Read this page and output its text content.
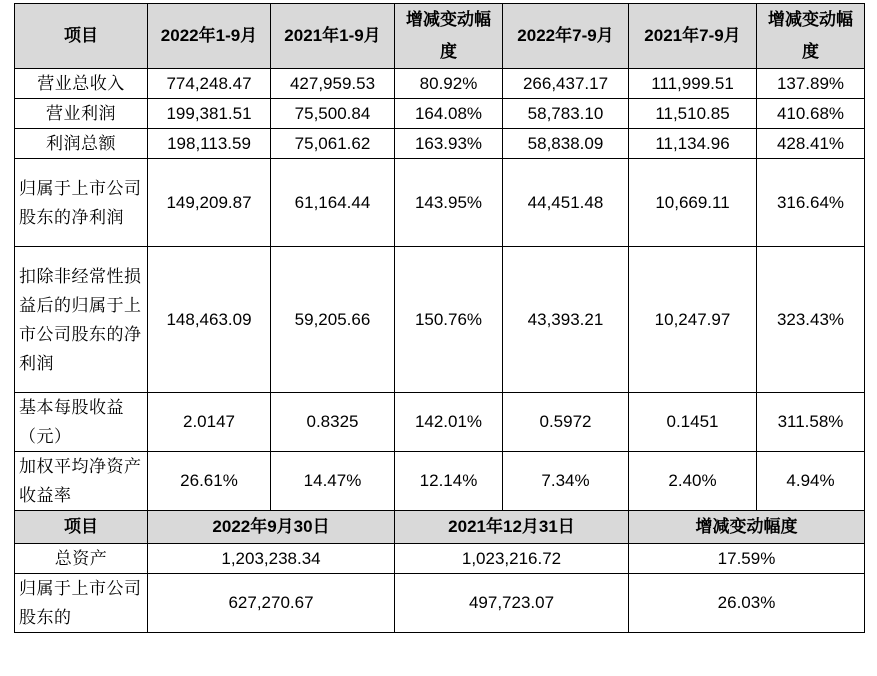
项目	2022年1-9月	2021年1-9月	增减变动幅度	2022年7-9月	2021年7-9月	增减变动幅度
营业总收入	774,248.47	427,959.53	80.92%	266,437.17	111,999.51	137.89%
营业利润	199,381.51	75,500.84	164.08%	58,783.10	11,510.85	410.68%
利润总额	198,113.59	75,061.62	163.93%	58,838.09	11,134.96	428.41%
归属于上市公司股东的净利润	149,209.87	61,164.44	143.95%	44,451.48	10,669.11	316.64%
扣除非经常性损益后的归属于上市公司股东的净利润	148,463.09	59,205.66	150.76%	43,393.21	10,247.97	323.43%
基本每股收益（元）	2.0147	0.8325	142.01%	0.5972	0.1451	311.58%
加权平均净资产收益率	26.61%	14.47%	12.14%	7.34%	2.40%	4.94%
项目	2022年9月30日		2021年12月31日		增减变动幅度	
总资产	1,203,238.34		1,023,216.72		17.59%	
归属于上市公司股东的	627,270.67		497,723.07		26.03%	
